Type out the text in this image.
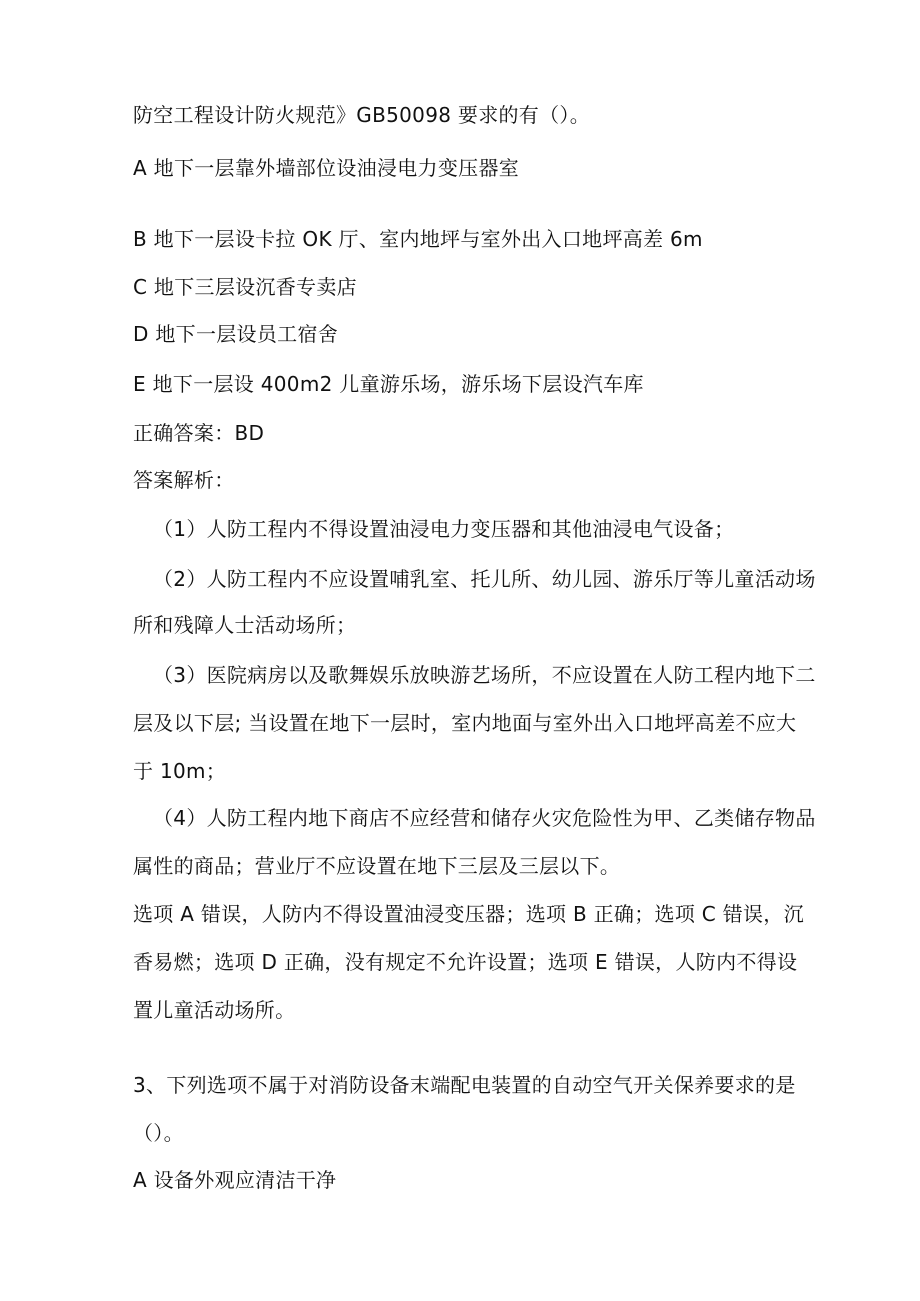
防空工程设计防火规范》GB50098 要求的有（）。
A 地下一层靠外墙部位设油浸电力变压器室
B 地下一层设卡拉 OK 厅、室内地坪与室外出入口地坪高差 6m
C 地下三层设沉香专卖店
D 地下一层设员工宿舍
E 地下一层设 400m2 儿童游乐场，游乐场下层设汽车库
正确答案：BD
答案解析：
（1）人防工程内不得设置油浸电力变压器和其他油浸电气设备；
（2）人防工程内不应设置哺乳室、托儿所、幼儿园、游乐厅等儿童活动场
所和残障人士活动场所；
（3）医院病房以及歌舞娱乐放映游艺场所，不应设置在人防工程内地下二
层及以下层; 当设置在地下一层时，室内地面与室外出入口地坪高差不应大
于 10m；
（4）人防工程内地下商店不应经营和储存火灾危险性为甲、乙类储存物品
属性的商品；营业厅不应设置在地下三层及三层以下。
选项 A 错误，人防内不得设置油浸变压器；选项 B 正确；选项 C 错误，沉
香易燃；选项 D 正确，没有规定不允许设置；选项 E 错误，人防内不得设
置儿童活动场所。
3、下列选项不属于对消防设备末端配电装置的自动空气开关保养要求的是
（）。
A 设备外观应清洁干净
